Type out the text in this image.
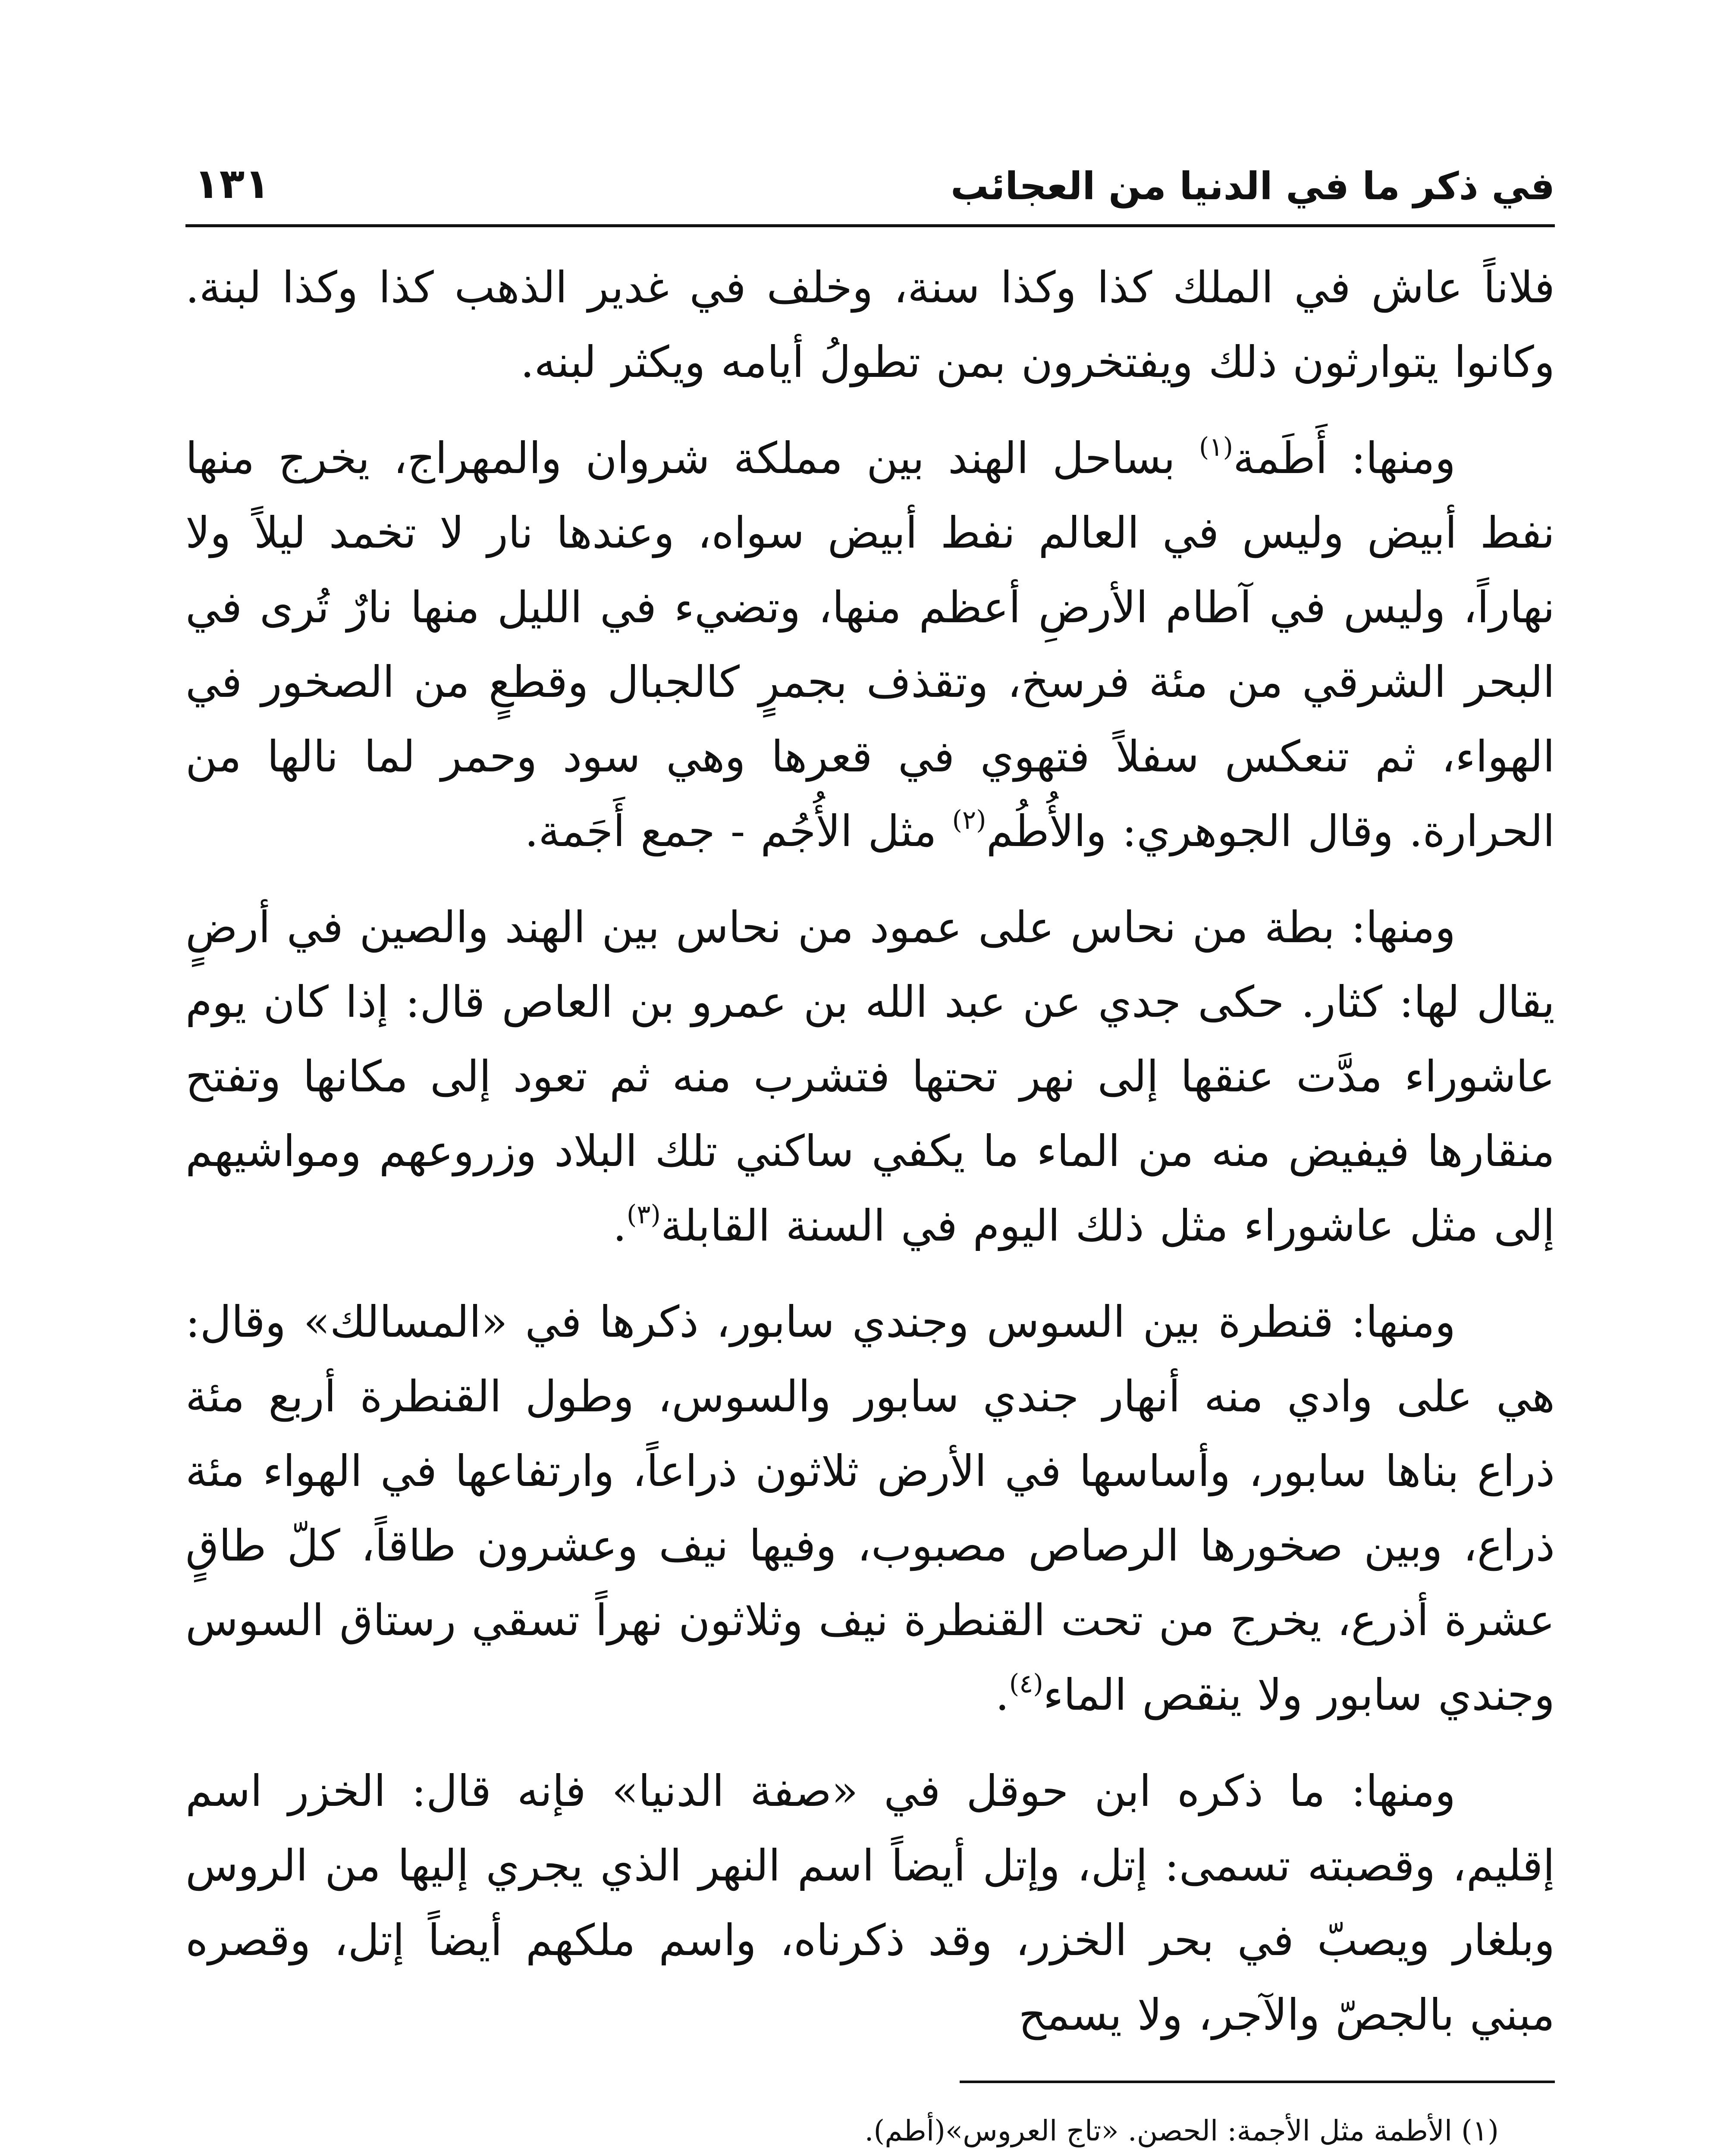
في ذكر ما في الدنيا من العجائب
١٣١

فلاناً عاش في الملك كذا وكذا سنة، وخلف في غدير الذهب كذا وكذا لبنة. وكانوا يتوارثون ذلك ويفتخرون بمن تطولُ أيامه ويكثر لبنه.

ومنها: أَطَمة$^{(١)}$ بساحل الهند بين مملكة شروان والمهراج، يخرج منها نفط أبيض وليس في العالم نفط أبيض سواه، وعندها نار لا تخمد ليلاً ولا نهاراً، وليس في آطام الأرضِ أعظم منها، وتضيء في الليل منها نارٌ تُرى في البحر الشرقي من مئة فرسخ، وتقذف بجمرٍ كالجبال وقطعٍ من الصخور في الهواء، ثم تنعكس سفلاً فتهوي في قعرها وهي سود وحمر لما نالها من الحرارة. وقال الجوهري: والأُطُم$^{(٢)}$ مثل الأُجُم - جمع أَجَمة.

ومنها: بطة من نحاس على عمود من نحاس بين الهند والصين في أرضٍ يقال لها: كثار. حكى جدي عن عبد الله بن عمرو بن العاص قال: إذا كان يوم عاشوراء مدَّت عنقها إلى نهر تحتها فتشرب منه ثم تعود إلى مكانها وتفتح منقارها فيفيض منه من الماء ما يكفي ساكني تلك البلاد وزروعهم ومواشيهم إلى مثل عاشوراء مثل ذلك اليوم في السنة القابلة$^{(٣)}$.

ومنها: قنطرة بين السوس وجندي سابور، ذكرها في «المسالك» وقال: هي على وادي منه أنهار جندي سابور والسوس، وطول القنطرة أربع مئة ذراع بناها سابور، وأساسها في الأرض ثلاثون ذراعاً، وارتفاعها في الهواء مئة ذراع، وبين صخورها الرصاص مصبوب، وفيها نيف وعشرون طاقاً، كلّ طاقٍ عشرة أذرع، يخرج من تحت القنطرة نيف وثلاثون نهراً تسقي رستاق السوس وجندي سابور ولا ينقص الماء$^{(٤)}$.

ومنها: ما ذكره ابن حوقل في «صفة الدنيا» فإنه قال: الخزر اسم إقليم، وقصبته تسمى: إتل، وإتل أيضاً اسم النهر الذي يجري إليها من الروس وبلغار ويصبّ في بحر الخزر، وقد ذكرناه، واسم ملكهم أيضاً إتل، وقصره مبني بالجصّ والآجر، ولا يسمح

(١) الأطمة مثل الأجمة: الحصن. «تاج العروس»(أطم).
